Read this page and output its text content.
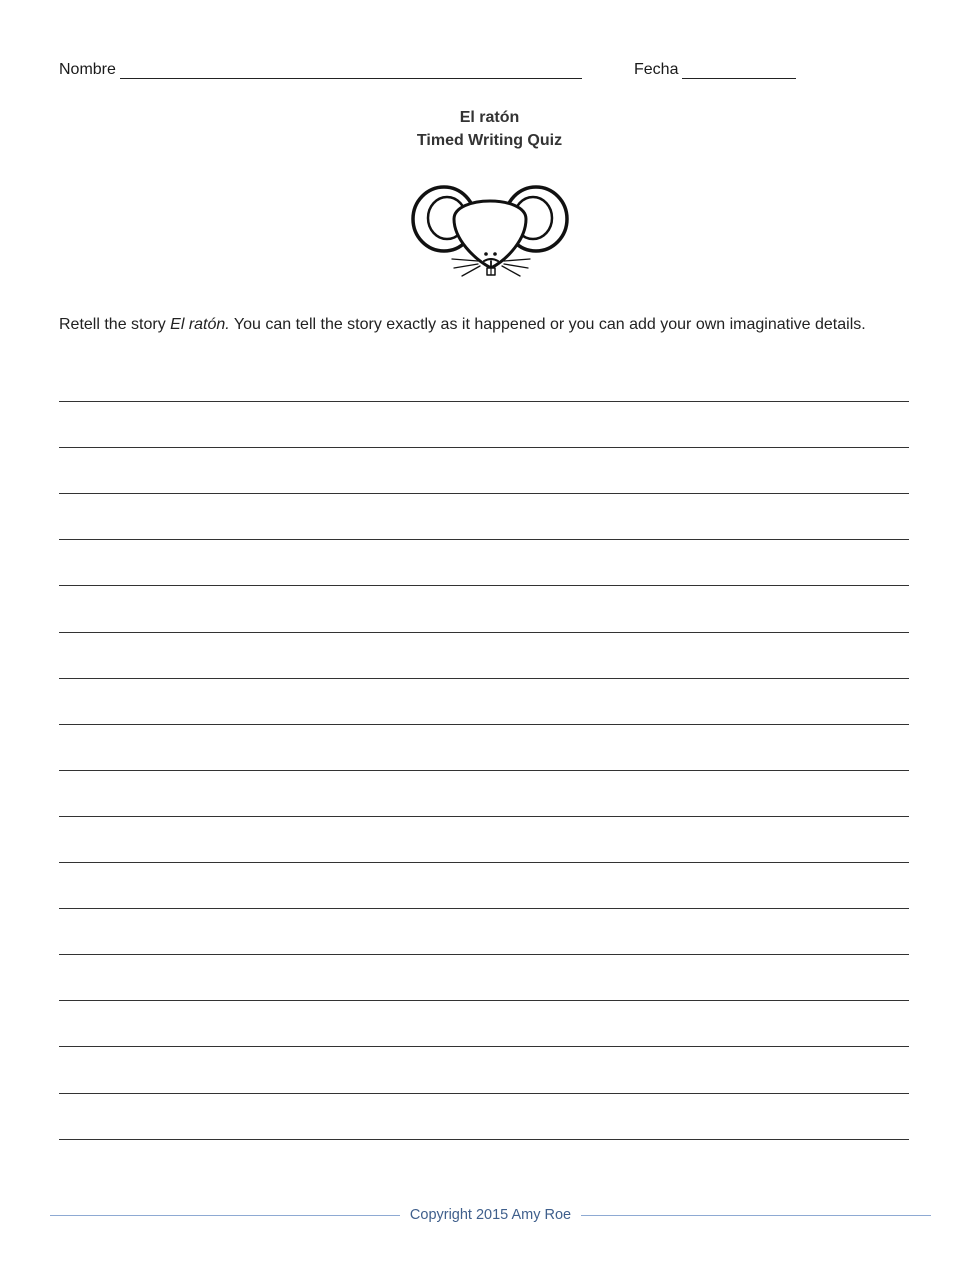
Nombre	Fecha
El ratón
Timed Writing Quiz
Retell the story El ratón. You can tell the story exactly as it happened or you can add your own imaginative details.
Copyright 2015 Amy Roe
